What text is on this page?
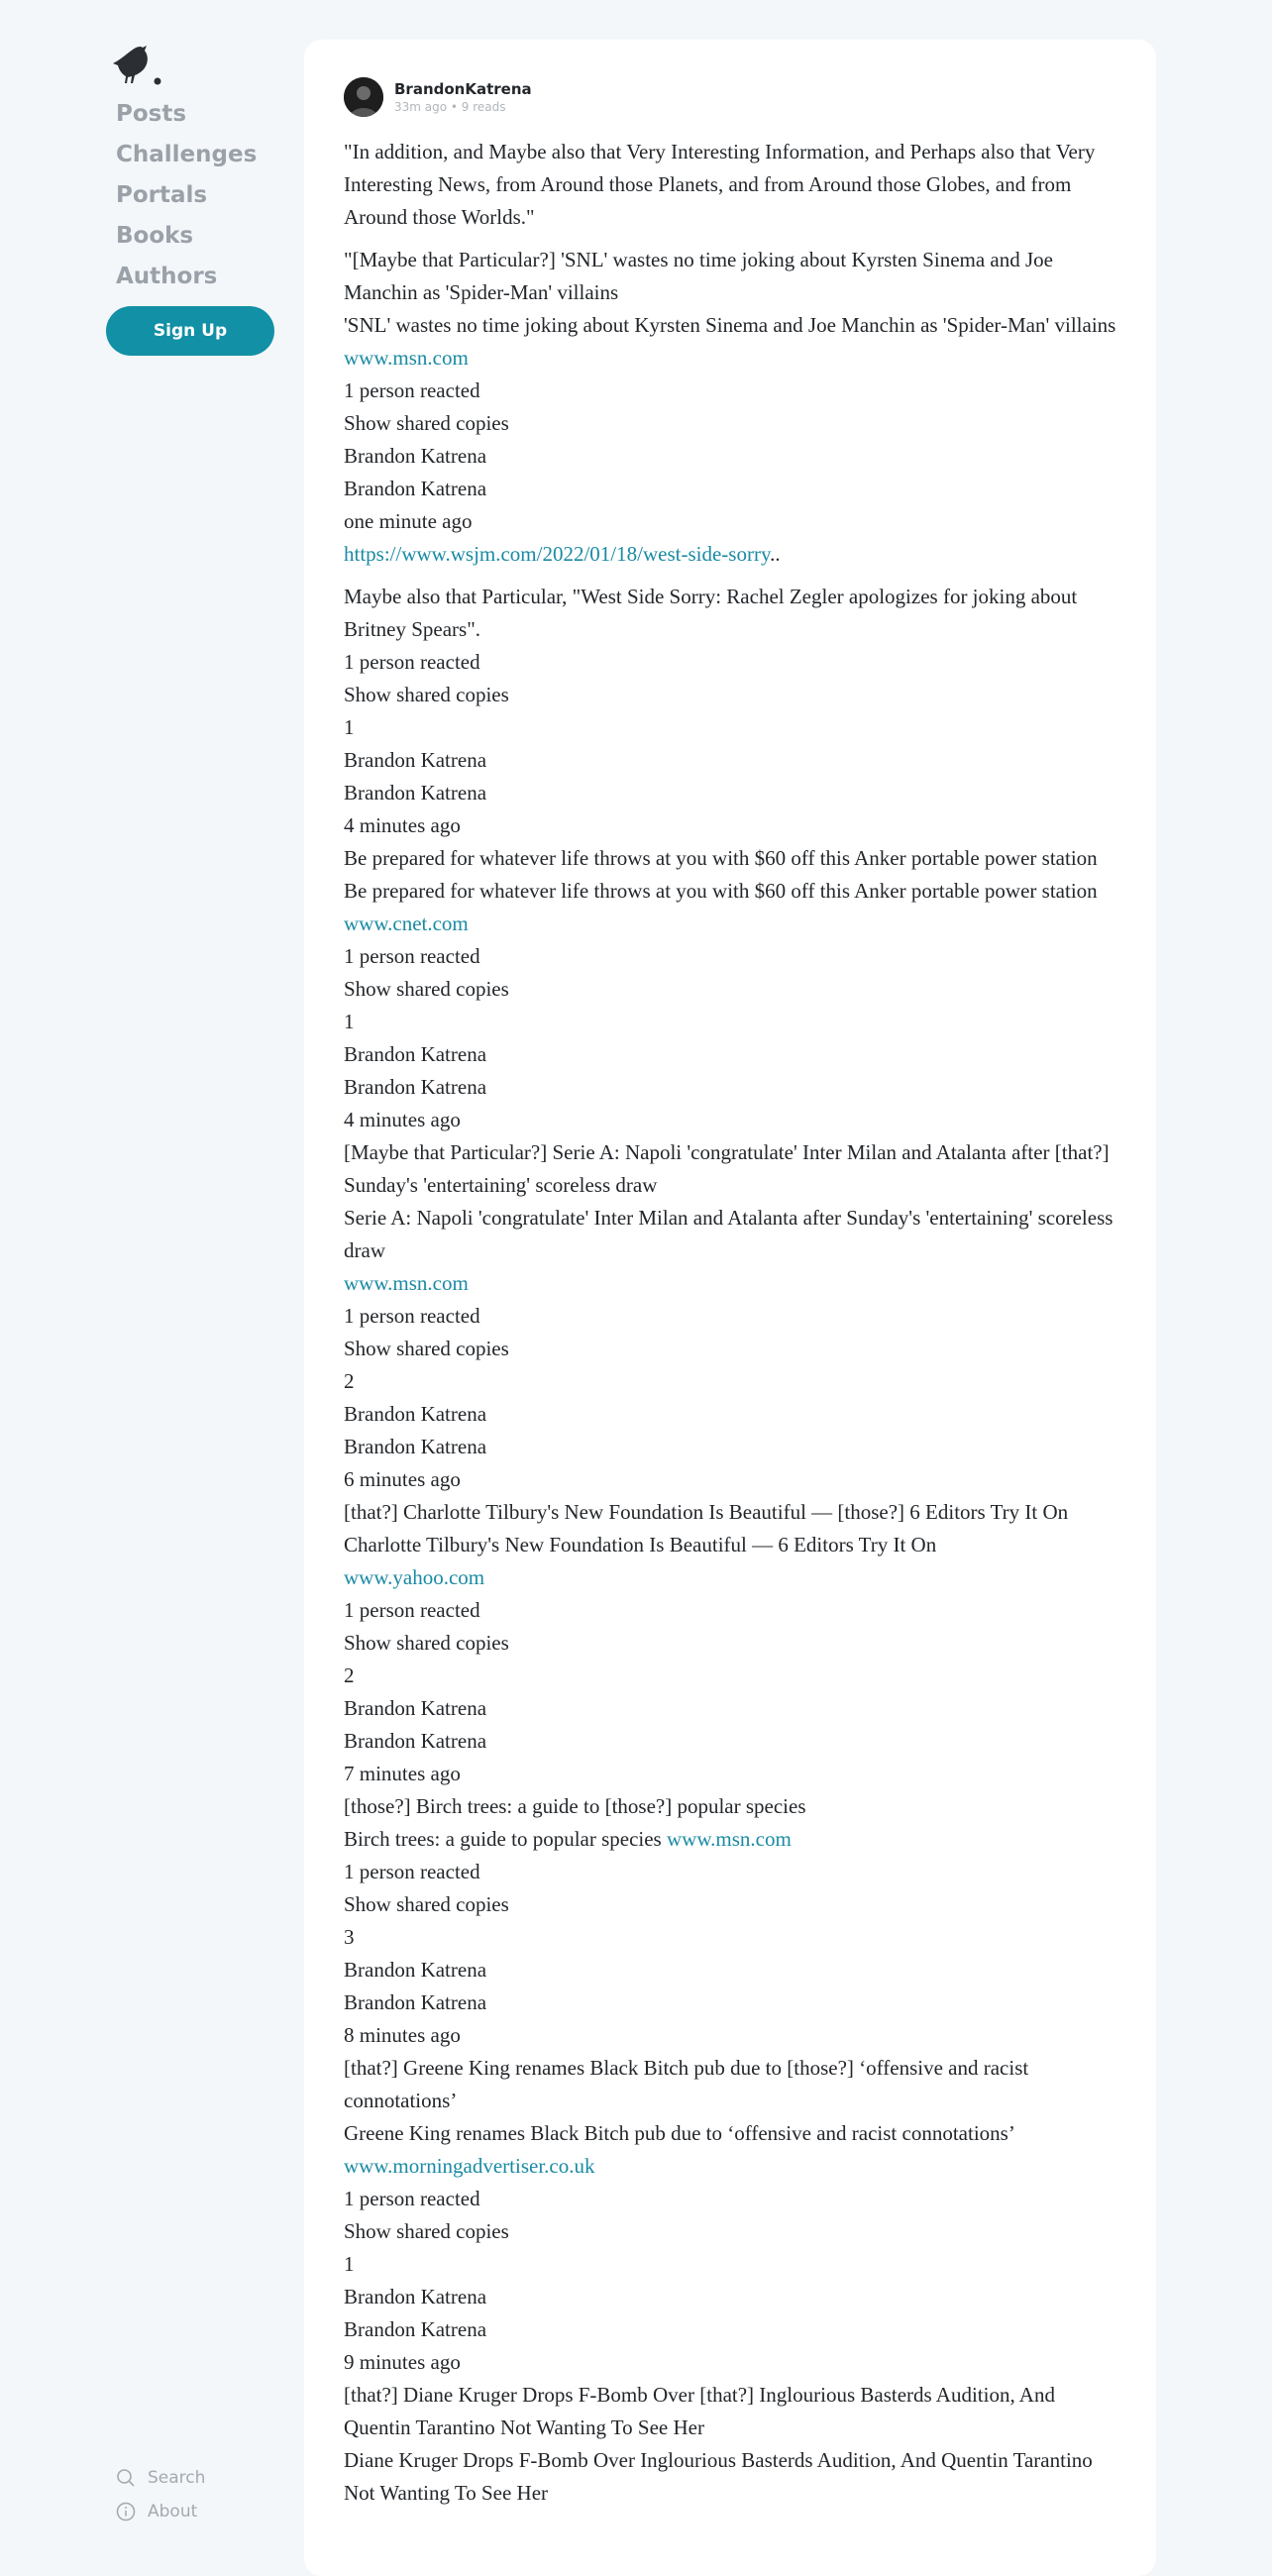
Posts
Challenges
Portals
Books
Authors
Sign Up
Search
About
BrandonKatrena
33m ago • 9 reads

"In addition, and Maybe also that Very Interesting Information, and Perhaps also that Very Interesting News, from Around those Planets, and from Around those Globes, and from Around those Worlds."

"[Maybe that Particular?] 'SNL' wastes no time joking about Kyrsten Sinema and Joe Manchin as 'Spider-Man' villains
'SNL' wastes no time joking about Kyrsten Sinema and Joe Manchin as 'Spider-Man' villains www.msn.com
1 person reacted
Show shared copies
Brandon Katrena
Brandon Katrena
one minute ago
https://www.wsjm.com/2022/01/18/west-side-sorry..

Maybe also that Particular, "West Side Sorry: Rachel Zegler apologizes for joking about Britney Spears".
1 person reacted
Show shared copies
1
Brandon Katrena
Brandon Katrena
4 minutes ago
Be prepared for whatever life throws at you with $60 off this Anker portable power station
Be prepared for whatever life throws at you with $60 off this Anker portable power station www.cnet.com
1 person reacted
Show shared copies
1
Brandon Katrena
Brandon Katrena
4 minutes ago
[Maybe that Particular?] Serie A: Napoli 'congratulate' Inter Milan and Atalanta after [that?] Sunday's 'entertaining' scoreless draw
Serie A: Napoli 'congratulate' Inter Milan and Atalanta after Sunday's 'entertaining' scoreless draw
www.msn.com
1 person reacted
Show shared copies
2
Brandon Katrena
Brandon Katrena
6 minutes ago
[that?] Charlotte Tilbury's New Foundation Is Beautiful — [those?] 6 Editors Try It On
Charlotte Tilbury's New Foundation Is Beautiful — 6 Editors Try It On
www.yahoo.com
1 person reacted
Show shared copies
2
Brandon Katrena
Brandon Katrena
7 minutes ago
[those?] Birch trees: a guide to [those?] popular species
Birch trees: a guide to popular species www.msn.com
1 person reacted
Show shared copies
3
Brandon Katrena
Brandon Katrena
8 minutes ago
[that?] Greene King renames Black Bitch pub due to [those?] ‘offensive and racist connotations’
Greene King renames Black Bitch pub due to ‘offensive and racist connotations’
www.morningadvertiser.co.uk
1 person reacted
Show shared copies
1
Brandon Katrena
Brandon Katrena
9 minutes ago
[that?] Diane Kruger Drops F-Bomb Over [that?] Inglourious Basterds Audition, And Quentin Tarantino Not Wanting To See Her
Diane Kruger Drops F-Bomb Over Inglourious Basterds Audition, And Quentin Tarantino Not Wanting To See Her
